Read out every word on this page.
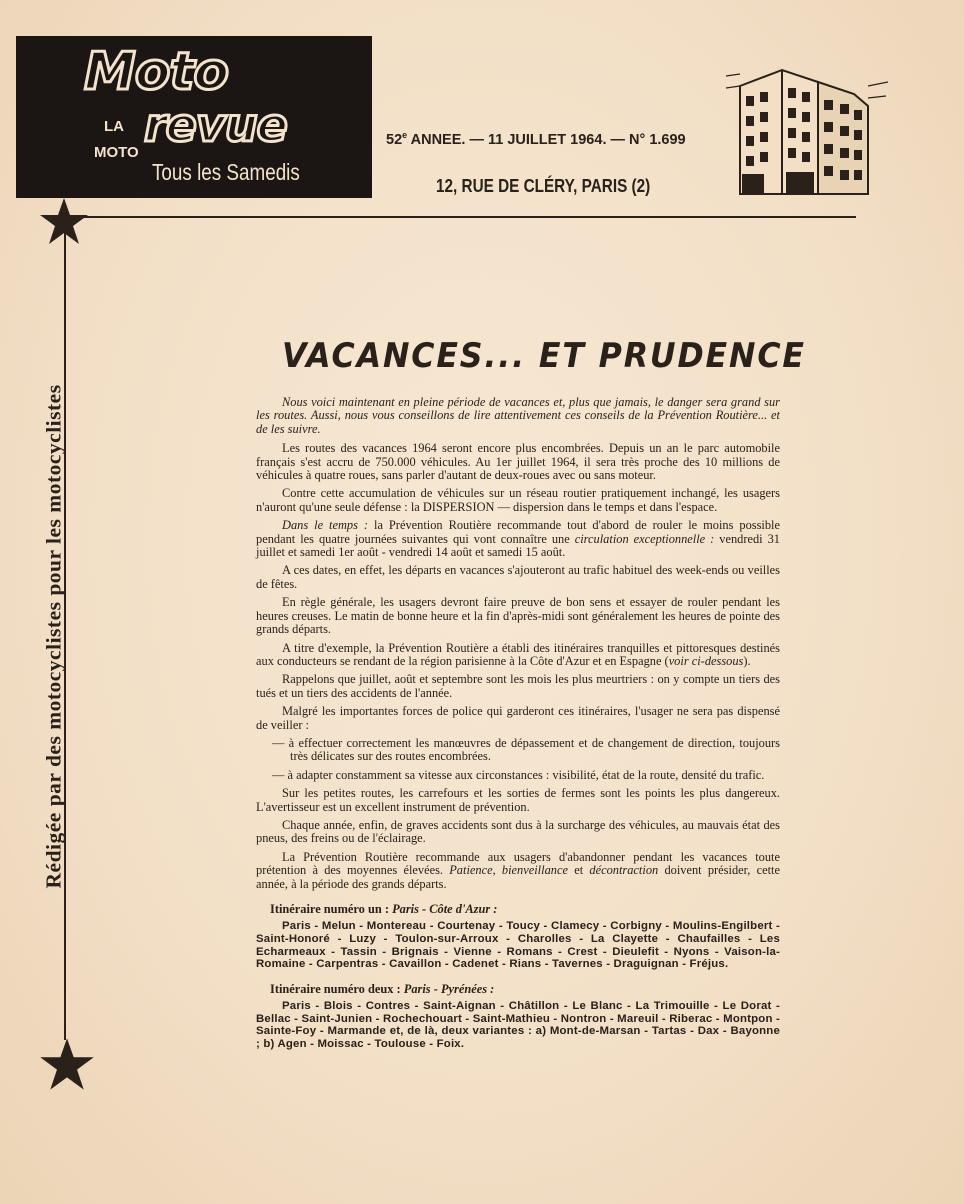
Moto
LA revue
MOTO
Tous les Samedis
52e ANNEE. — 11 JUILLET 1964. — N° 1.699
12, RUE DE CLÉRY, PARIS (2)
Rédigée par des motocyclistes pour les motocyclistes
VACANCES... ET PRUDENCE

Nous voici maintenant en pleine période de vacances et, plus que jamais, le danger sera grand sur les routes. Aussi, nous vous conseillons de lire attentivement ces conseils de la Prévention Routière... et de les suivre.

Les routes des vacances 1964 seront encore plus encombrées. Depuis un an le parc automobile français s'est accru de 750.000 véhicules. Au 1er juillet 1964, il sera très proche des 10 millions de véhicules à quatre roues, sans parler d'autant de deux-roues avec ou sans moteur.

Contre cette accumulation de véhicules sur un réseau routier pratiquement inchangé, les usagers n'auront qu'une seule défense : la DISPERSION — dispersion dans le temps et dans l'espace.

Dans le temps : la Prévention Routière recommande tout d'abord de rouler le moins possible pendant les quatre journées suivantes qui vont connaître une circulation exceptionnelle : vendredi 31 juillet et samedi 1er août - vendredi 14 août et samedi 15 août.

A ces dates, en effet, les départs en vacances s'ajouteront au trafic habituel des week-ends ou veilles de fêtes.

En règle générale, les usagers devront faire preuve de bon sens et essayer de rouler pendant les heures creuses. Le matin de bonne heure et la fin d'après-midi sont généralement les heures de pointe des grands départs.

A titre d'exemple, la Prévention Routière a établi des itinéraires tranquilles et pittoresques destinés aux conducteurs se rendant de la région parisienne à la Côte d'Azur et en Espagne (voir ci-dessous).

Rappelons que juillet, août et septembre sont les mois les plus meurtriers : on y compte un tiers des tués et un tiers des accidents de l'année.

Malgré les importantes forces de police qui garderont ces itinéraires, l'usager ne sera pas dispensé de veiller :

— à effectuer correctement les manœuvres de dépassement et de changement de direction, toujours très délicates sur des routes encombrées.

— à adapter constamment sa vitesse aux circonstances : visibilité, état de la route, densité du trafic.

Sur les petites routes, les carrefours et les sorties de fermes sont les points les plus dangereux. L'avertisseur est un excellent instrument de prévention.

Chaque année, enfin, de graves accidents sont dus à la surcharge des véhicules, au mauvais état des pneus, des freins ou de l'éclairage.

La Prévention Routière recommande aux usagers d'abandonner pendant les vacances toute prétention à des moyennes élevées. Patience, bienveillance et décontraction doivent présider, cette année, à la période des grands départs.

Itinéraire numéro un : Paris - Côte d'Azur :

Paris - Melun - Montereau - Courtenay - Toucy - Clamecy - Corbigny - Moulins-Engilbert - Saint-Honoré - Luzy - Toulon-sur-Arroux - Charolles - La Clayette - Chaufailles - Les Echarmeaux - Tassin - Brignais - Vienne - Romans - Crest - Dieulefit - Nyons - Vaison-la-Romaine - Carpentras - Cavaillon - Cadenet - Rians - Tavernes - Draguignan - Fréjus.

Itinéraire numéro deux : Paris - Pyrénées :

Paris - Blois - Contres - Saint-Aignan - Châtillon - Le Blanc - La Trimouille - Le Dorat - Bellac - Saint-Junien - Rochechouart - Saint-Mathieu - Nontron - Mareuil - Riberac - Montpon - Sainte-Foy - Marmande et, de là, deux variantes : a) Mont-de-Marsan - Tartas - Dax - Bayonne ; b) Agen - Moissac - Toulouse - Foix.
